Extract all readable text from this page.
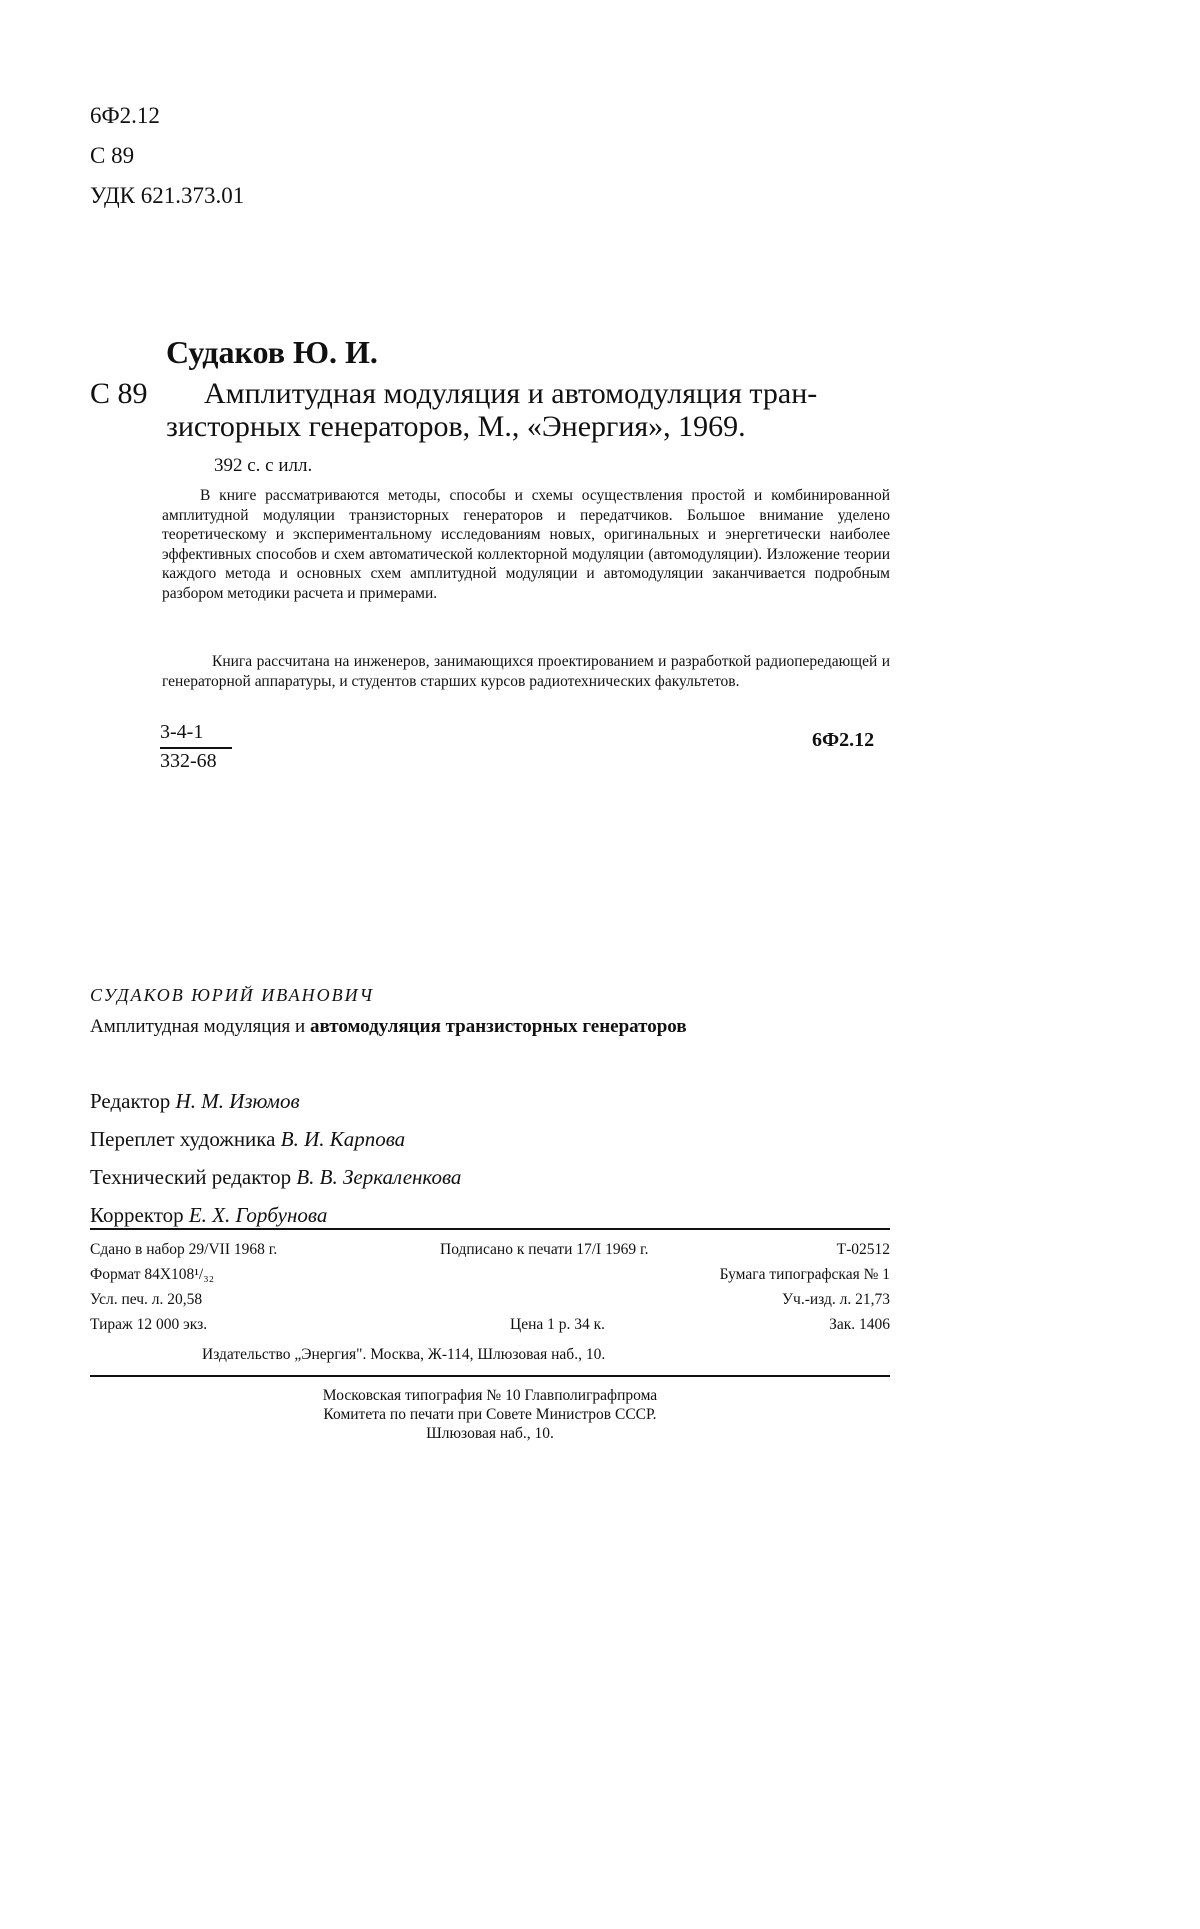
6Ф2.12
С 89
УДК 621.373.01
Судаков Ю. И.
С 89 Амплитудная модуляция и автомодуляция тран-
зисторных генераторов, М., «Энергия», 1969.
392 с. с илл.
В книге рассматриваются методы, способы и схемы осуществления простой и комбинированной амплитудной модуляции транзисторных генераторов и передатчиков. Большое внимание уделено теоретическому и экспериментальному исследованиям новых, оригинальных и энергетически наиболее эффективных способов и схем автоматической коллекторной модуляции (автомодуляции). Изложение теории каждого метода и основных схем амплитудной модуляции и автомодуляции заканчивается подробным разбором методики расчета и примерами.
Книга рассчитана на инженеров, занимающихся проектированием и разработкой радиопередающей и генераторной аппаратуры, и студентов старших курсов радиотехнических факультетов.
3-4-1
332-68
6Ф2.12
СУДАКОВ ЮРИЙ ИВАНОВИЧ
Амплитудная модуляция и автомодуляция транзисторных генераторов
Редактор Н. М. Изюмов
Переплет художника В. И. Карпова
Технический редактор В. В. Зеркаленкова
Корректор Е. Х. Горбунова
Сдано в набор 29/VII 1968 г.	Подписано к печати 17/I 1969 г.	Т-02512
Формат 84Х108¹/₃₂	Бумага типографская № 1
Усл. печ. л. 20,58	Уч.-изд. л. 21,73
Тираж 12 000 экз.	Цена 1 р. 34 к.	Зак. 1406
Издательство „Энергия". Москва, Ж-114, Шлюзовая наб., 10.
Московская типография № 10 Главполиграфпрома
Комитета по печати при Совете Министров СССР.
Шлюзовая наб., 10.
